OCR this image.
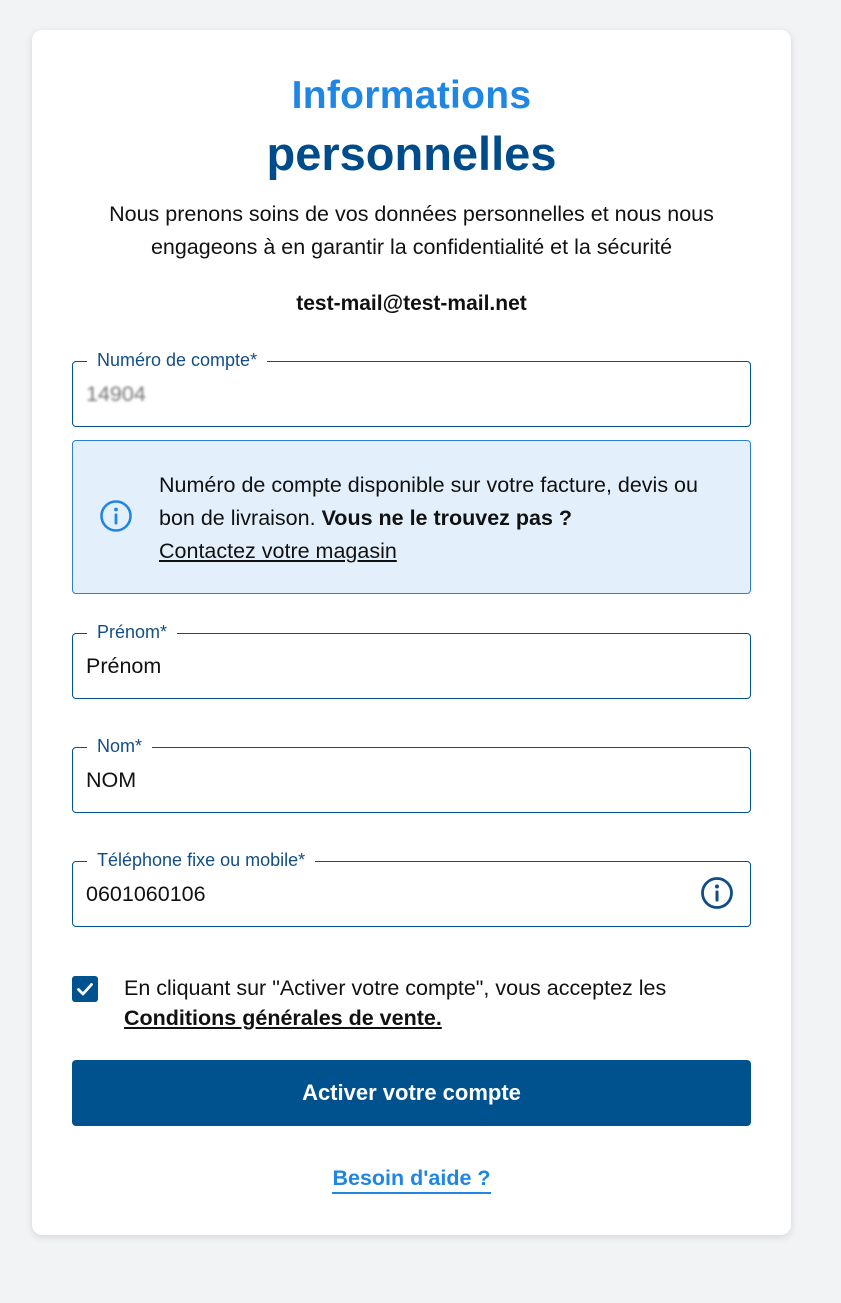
Informations
personnelles
Nous prenons soins de vos données personnelles et nous nous engageons à en garantir la confidentialité et la sécurité
test-mail@test-mail.net
Numéro de compte*
14904
Numéro de compte disponible sur votre facture, devis ou bon de livraison. Vous ne le trouvez pas ?
Contactez votre magasin
Prénom*
Prénom
Nom*
NOM
Téléphone fixe ou mobile*
0601060106
En cliquant sur "Activer votre compte", vous acceptez les
Conditions générales de vente.
Activer votre compte
Besoin d'aide ?
